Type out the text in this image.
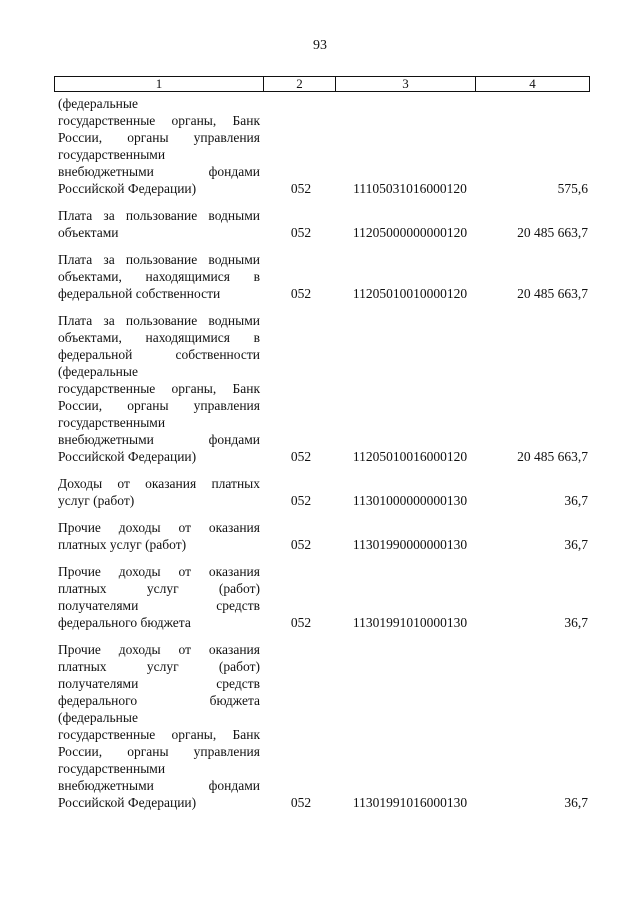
93
1	2	3	4
(федеральные
государственные органы, Банк
России, органы управления
государственными
внебюджетными фондами
Российской Федерации)	052	11105031016000120	575,6
Плата за пользование водными
объектами	052	11205000000000120	20 485 663,7
Плата за пользование водными
объектами, находящимися в
федеральной собственности	052	11205010010000120	20 485 663,7
Плата за пользование водными
объектами, находящимися в
федеральной собственности
(федеральные
государственные органы, Банк
России, органы управления
государственными
внебюджетными фондами
Российской Федерации)	052	11205010016000120	20 485 663,7
Доходы от оказания платных
услуг (работ)	052	11301000000000130	36,7
Прочие доходы от оказания
платных услуг (работ)	052	11301990000000130	36,7
Прочие доходы от оказания
платных услуг (работ)
получателями средств
федерального бюджета	052	11301991010000130	36,7
Прочие доходы от оказания
платных услуг (работ)
получателями средств
федерального бюджета
(федеральные
государственные органы, Банк
России, органы управления
государственными
внебюджетными фондами
Российской Федерации)	052	11301991016000130	36,7
